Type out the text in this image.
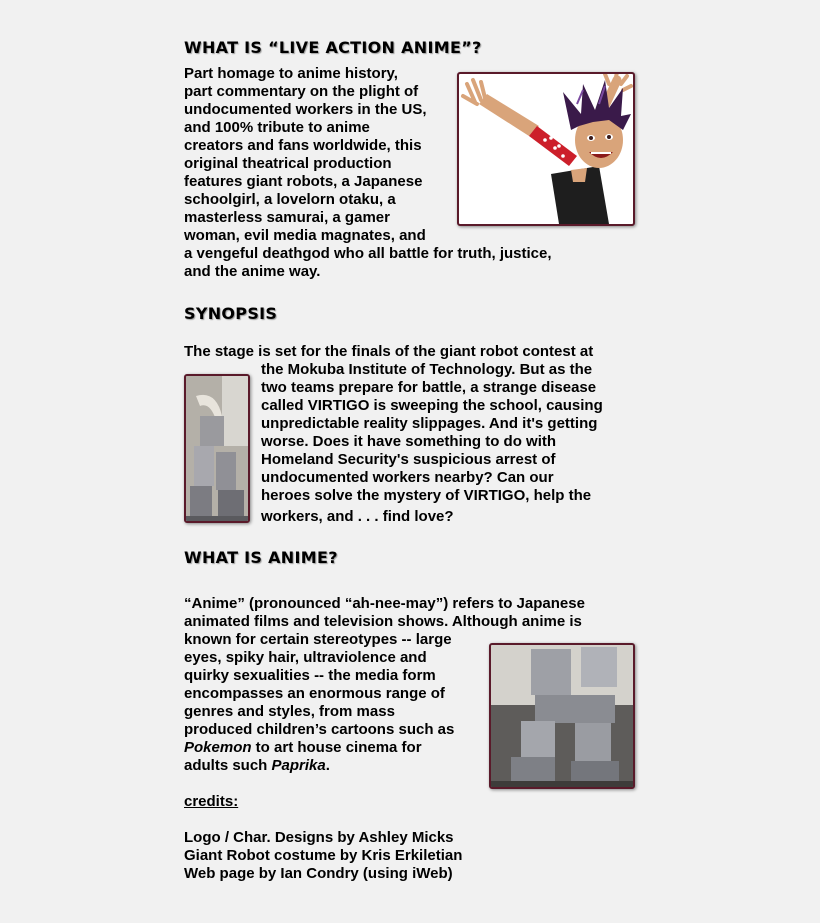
WHAT IS “LIVE ACTION ANIME”?

Part homage to anime history,
part commentary on the plight of
undocumented workers in the US,
and 100% tribute to anime
creators and fans worldwide, this
original theatrical production
features giant robots, a Japanese
schoolgirl, a lovelorn otaku, a
masterless samurai, a gamer
woman, evil media magnates, and
a vengeful deathgod who all battle for truth, justice,
and the anime way.

SYNOPSIS

The stage is set for the finals of the giant robot contest at

the Mokuba Institute of Technology. But as the
two teams prepare for battle, a strange disease
called VIRTIGO is sweeping the school, causing
unpredictable reality slippages. And it's getting
worse. Does it have something to do with
Homeland Security's suspicious arrest of
undocumented workers nearby? Can our
heroes solve the mystery of VIRTIGO, help the
workers, and . . . find love?

WHAT IS ANIME?

“Anime” (pronounced “ah-nee-may”) refers to Japanese
animated films and television shows. Although anime is
known for certain stereotypes -- large
eyes, spiky hair, ultraviolence and
quirky sexualities -- the media form
encompasses an enormous range of
genres and styles, from mass
produced children’s cartoons such as
Pokemon to art house cinema for
adults such Paprika.

credits:

Logo / Char. Designs by Ashley Micks
Giant Robot costume by Kris Erkiletian
Web page by Ian Condry (using iWeb)
